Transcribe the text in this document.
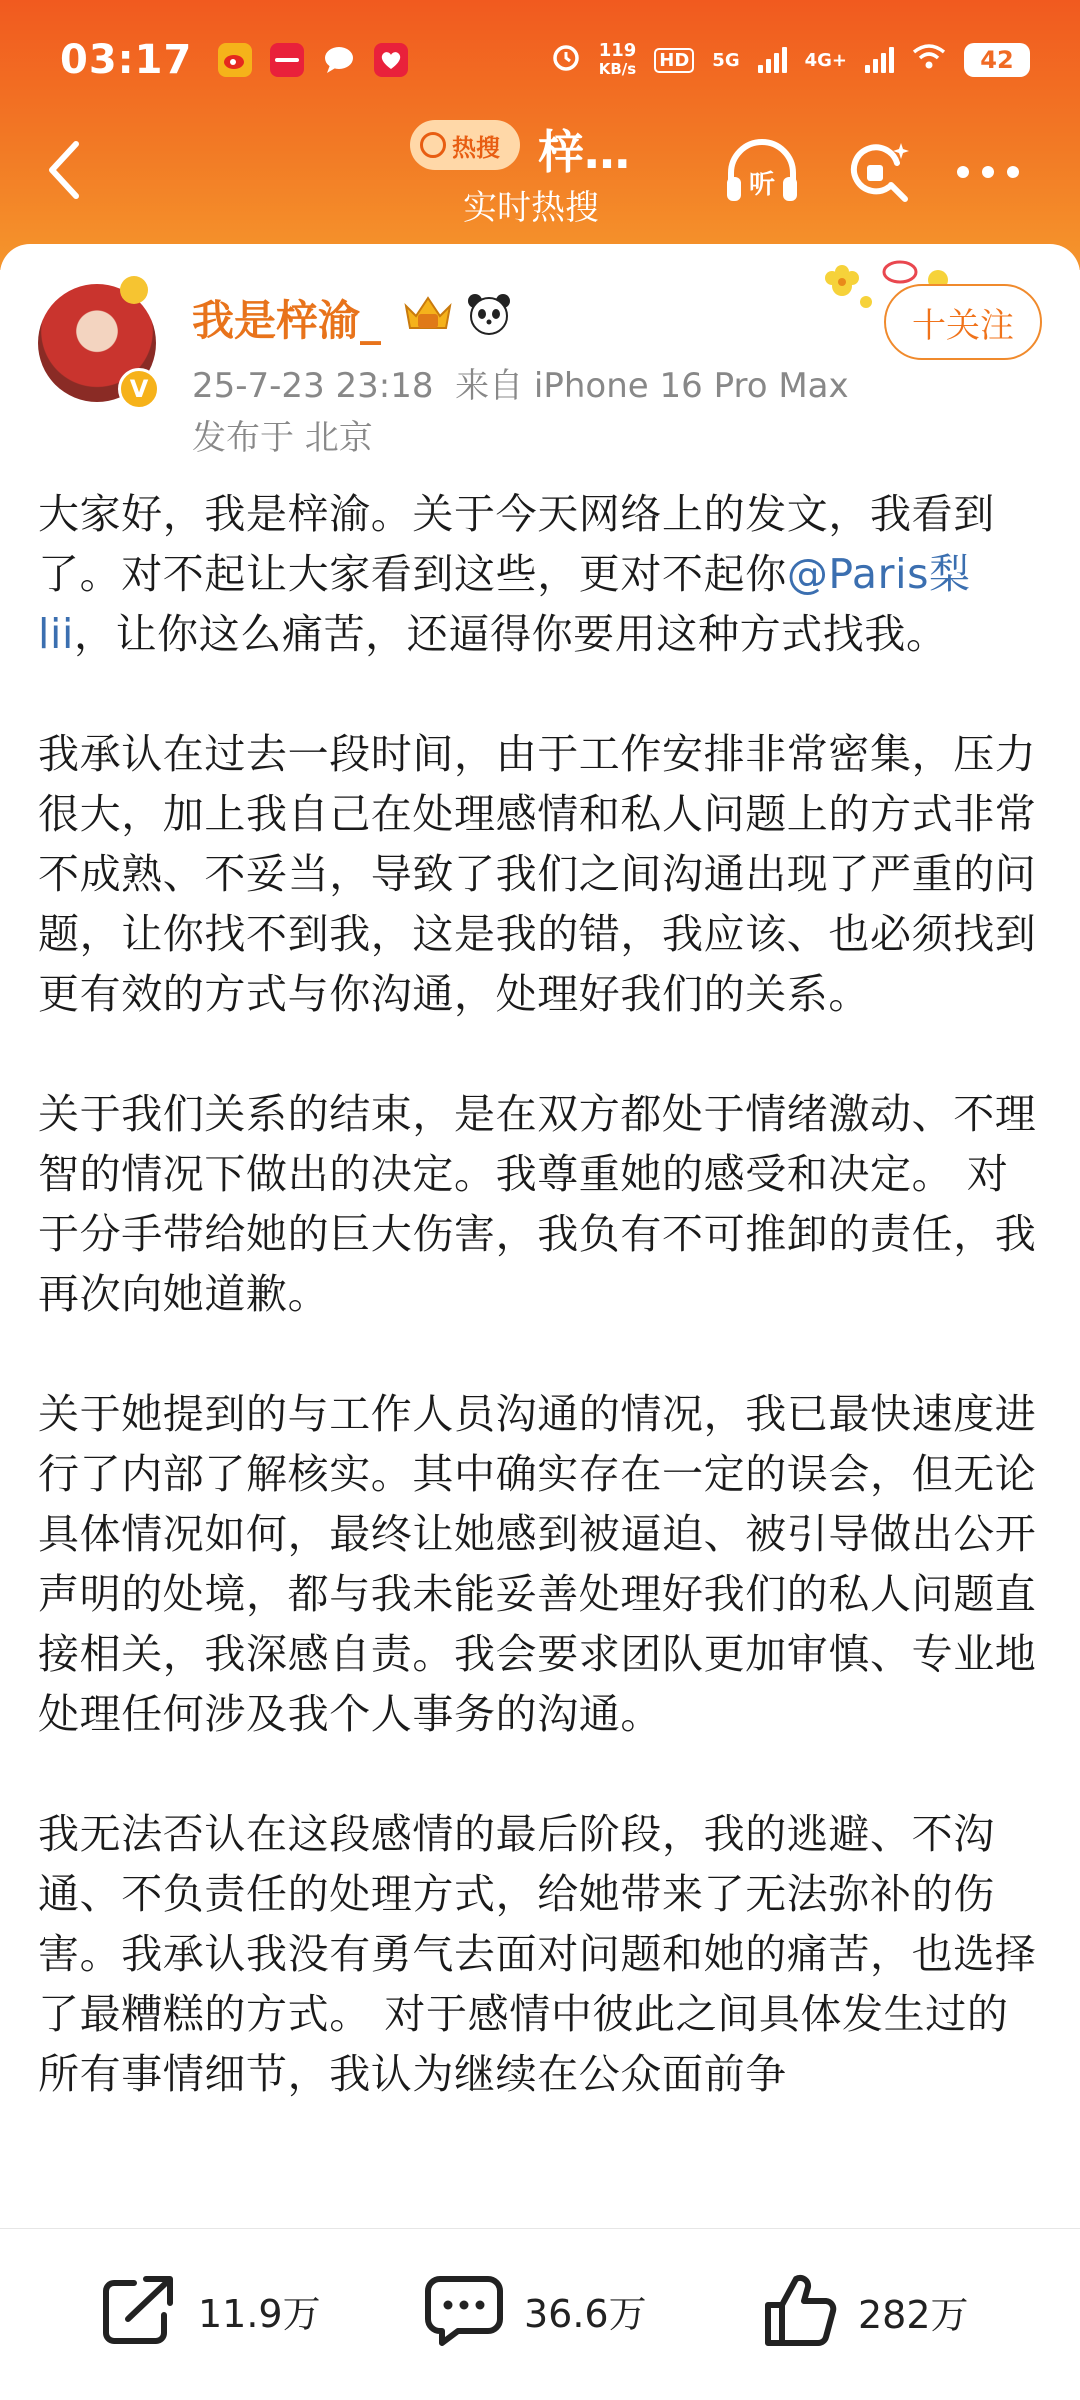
03:17	119
KB/s HD 5G	4G+	42
热搜 梓…
实时热搜
听
V
我是梓渝_
25-7-23 23:18 来自 iPhone 16 Pro Max
发布于 北京
十关注

大家好，我是梓渝。关于今天网络上的发文，我看到了。对不起让大家看到这些，更对不起你@Paris梨lii，让你这么痛苦，还逼得你要用这种方式找我。

我承认在过去一段时间，由于工作安排非常密集，压力很大，加上我自己在处理感情和私人问题上的方式非常不成熟、不妥当，导致了我们之间沟通出现了严重的问题，让你找不到我，这是我的错，我应该、也必须找到更有效的方式与你沟通，处理好我们的关系。

关于我们关系的结束，是在双方都处于情绪激动、不理智的情况下做出的决定。我尊重她的感受和决定。 对于分手带给她的巨大伤害，我负有不可推卸的责任，我再次向她道歉。

关于她提到的与工作人员沟通的情况，我已最快速度进行了内部了解核实。其中确实存在一定的误会，但无论具体情况如何，最终让她感到被逼迫、被引导做出公开声明的处境，都与我未能妥善处理好我们的私人问题直接相关，我深感自责。我会要求团队更加审慎、专业地处理任何涉及我个人事务的沟通。

我无法否认在这段感情的最后阶段，我的逃避、不沟通、不负责任的处理方式，给她带来了无法弥补的伤害。我承认我没有勇气去面对问题和她的痛苦，也选择了最糟糕的方式。 对于感情中彼此之间具体发生过的所有事情细节，我认为继续在公众面前争

11.9万	36.6万	282万
